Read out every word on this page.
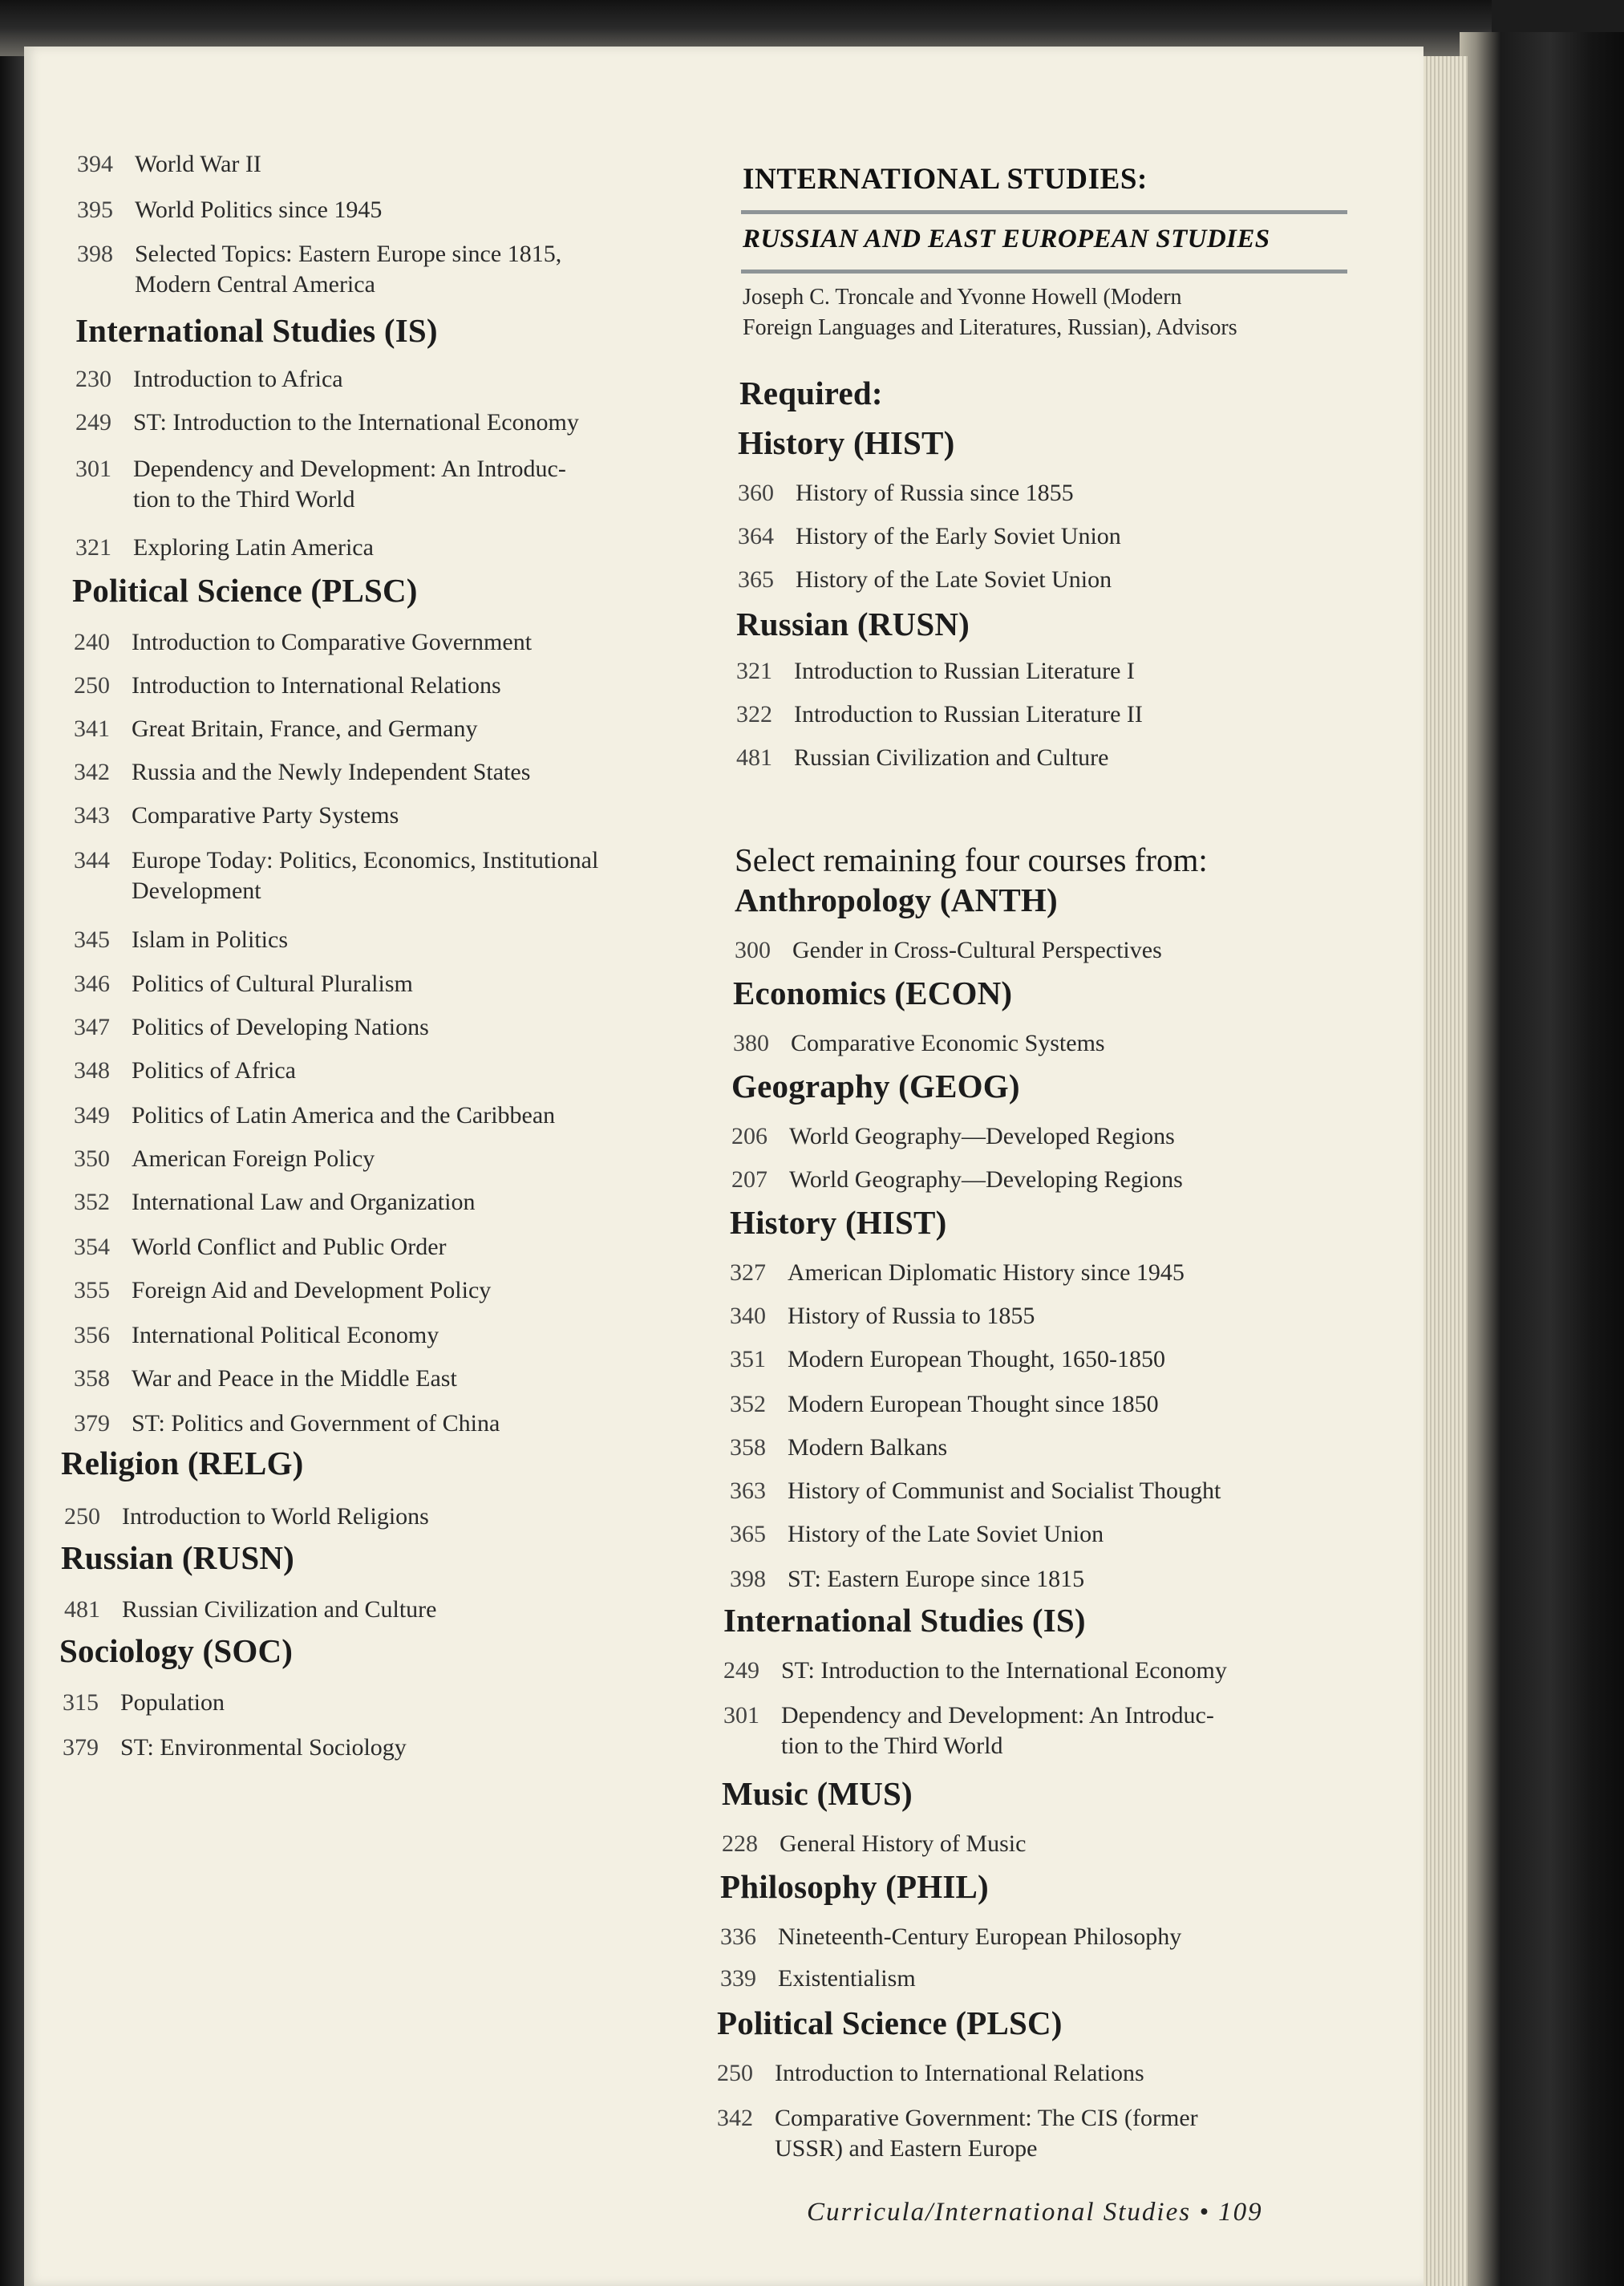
394 World War II
395 World Politics since 1945
398 Selected Topics: Eastern Europe since 1815,
Modern Central America
International Studies (IS)
230 Introduction to Africa
249 ST: Introduction to the International Economy
301 Dependency and Development: An Introduc-
tion to the Third World
321 Exploring Latin America
Political Science (PLSC)
240 Introduction to Comparative Government
250 Introduction to International Relations
341 Great Britain, France, and Germany
342 Russia and the Newly Independent States
343 Comparative Party Systems
344 Europe Today: Politics, Economics, Institutional
Development
345 Islam in Politics
346 Politics of Cultural Pluralism
347 Politics of Developing Nations
348 Politics of Africa
349 Politics of Latin America and the Caribbean
350 American Foreign Policy
352 International Law and Organization
354 World Conflict and Public Order
355 Foreign Aid and Development Policy
356 International Political Economy
358 War and Peace in the Middle East
379 ST: Politics and Government of China
Religion (RELG)
250 Introduction to World Religions
Russian (RUSN)
481 Russian Civilization and Culture
Sociology (SOC)
315 Population
379 ST: Environmental Sociology
INTERNATIONAL STUDIES:
RUSSIAN AND EAST EUROPEAN STUDIES
Joseph C. Troncale and Yvonne Howell (Modern
Foreign Languages and Literatures, Russian), Advisors
Required:
History (HIST)
360 History of Russia since 1855
364 History of the Early Soviet Union
365 History of the Late Soviet Union
Russian (RUSN)
321 Introduction to Russian Literature I
322 Introduction to Russian Literature II
481 Russian Civilization and Culture
Select remaining four courses from:
Anthropology (ANTH)
300 Gender in Cross-Cultural Perspectives
Economics (ECON)
380 Comparative Economic Systems
Geography (GEOG)
206 World Geography—Developed Regions
207 World Geography—Developing Regions
History (HIST)
327 American Diplomatic History since 1945
340 History of Russia to 1855
351 Modern European Thought, 1650-1850
352 Modern European Thought since 1850
358 Modern Balkans
363 History of Communist and Socialist Thought
365 History of the Late Soviet Union
398 ST: Eastern Europe since 1815
International Studies (IS)
249 ST: Introduction to the International Economy
301 Dependency and Development: An Introduc-
tion to the Third World
Music (MUS)
228 General History of Music
Philosophy (PHIL)
336 Nineteenth-Century European Philosophy
339 Existentialism
Political Science (PLSC)
250 Introduction to International Relations
342 Comparative Government: The CIS (former
USSR) and Eastern Europe
Curricula/International Studies • 109
